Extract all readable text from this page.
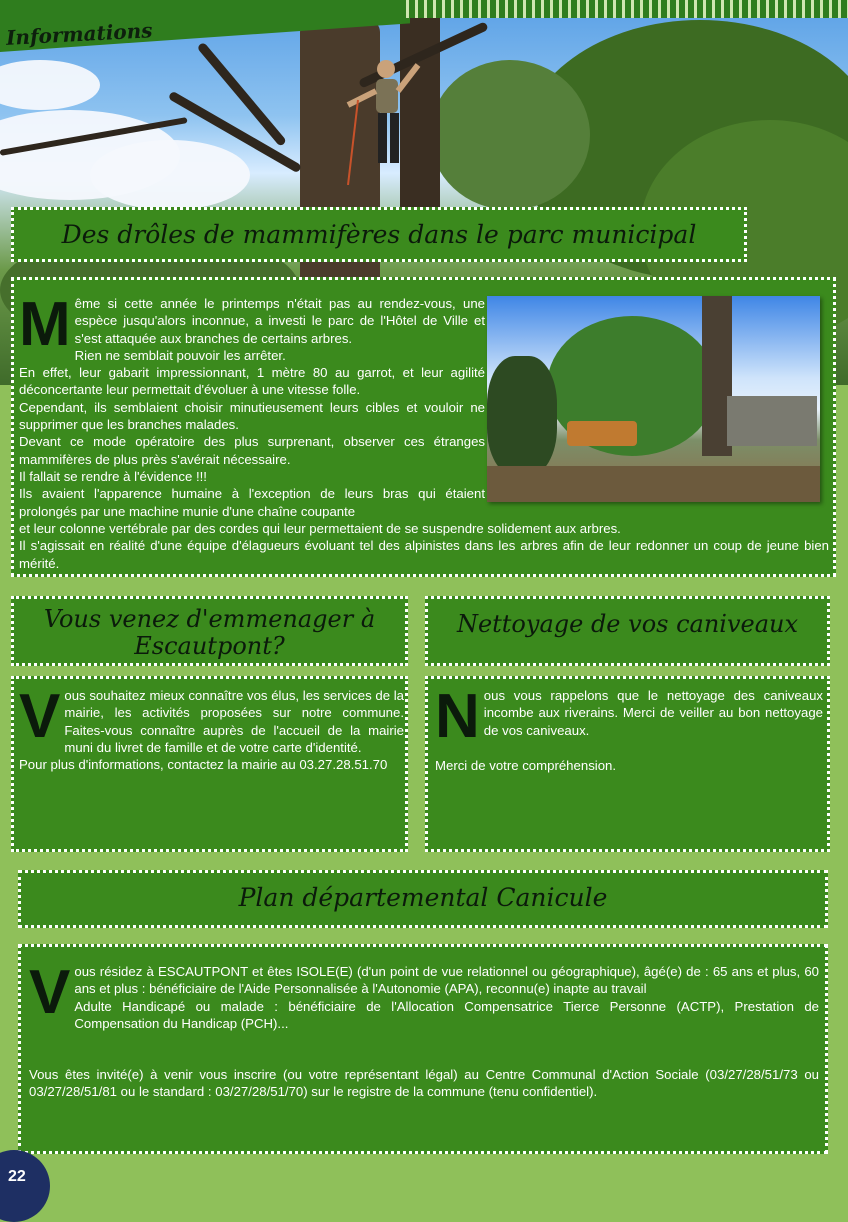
Informations
Des drôles de mammifères dans le parc municipal
M ême si cette année le printemps n'était pas au rendez-vous, une espèce jusqu'alors inconnue, a investi le parc de l'Hôtel de Ville et s'est attaquée aux branches de certains arbres.
Rien ne semblait pouvoir les arrêter.
En effet, leur gabarit impressionnant, 1 mètre 80 au garrot, et leur agilité déconcertante leur permettait d'évoluer à une vitesse folle.
Cependant, ils semblaient choisir minutieusement leurs cibles et vouloir ne supprimer que les branches malades.
Devant ce mode opératoire des plus surprenant, observer ces étranges mammifères de plus près s'avérait nécessaire.
Il fallait se rendre à l'évidence !!!
Ils avaient l'apparence humaine à l'exception de leurs bras qui étaient prolongés par une machine munie d'une chaîne coupante
et leur colonne vertébrale par des cordes qui leur permettaient de se suspendre solidement aux arbres.
Il s'agissait en réalité d'une équipe d'élagueurs évoluant tel des alpinistes dans les arbres afin de leur redonner un coup de jeune bien mérité.
Vous venez d'emmenager à Escautpont?
V ous souhaitez mieux connaître vos élus, les services de la mairie, les activités proposées sur notre commune. Faites-vous connaître auprès de l'accueil de la mairie muni du livret de famille et de votre carte d'identité.
Pour plus d'informations, contactez la mairie au 03.27.28.51.70
Nettoyage de vos caniveaux
N ous vous rappelons que le nettoyage des caniveaux incombe aux riverains. Merci de veiller au bon nettoyage de vos caniveaux.
Merci de votre compréhension.
Plan départemental Canicule
V ous résidez à ESCAUTPONT et êtes ISOLE(E) (d'un point de vue relationnel ou géographique), âgé(e) de : 65 ans et plus, 60 ans et plus : bénéficiaire de l'Aide Personnalisée à l'Autonomie (APA), reconnu(e) inapte au travail
Adulte Handicapé ou malade : bénéficiaire de l'Allocation Compensatrice Tierce Personne (ACTP), Prestation de Compensation du Handicap (PCH)...
Vous êtes invité(e) à venir vous inscrire (ou votre représentant légal) au Centre Communal d'Action Sociale (03/27/28/51/73 ou 03/27/28/51/81 ou le standard : 03/27/28/51/70) sur le registre de la commune (tenu confidentiel).
22
